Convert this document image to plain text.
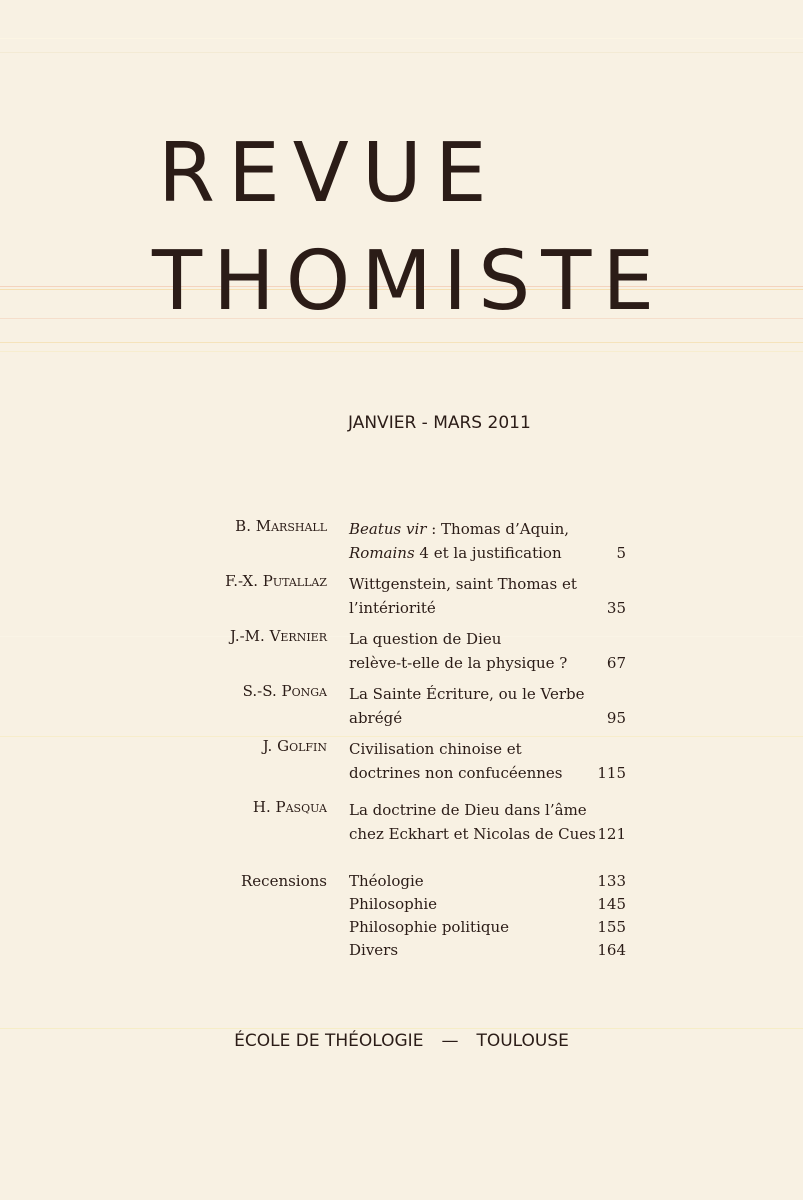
REVUE
THOMISTE
JANVIER - MARS 2011
B. Marshall Beatus vir : Thomas d’Aquin,
Romains 4 et la justification	5
F.-X. Putallaz Wittgenstein, saint Thomas et
l’intériorité	35
J.-M. Vernier La question de Dieu
relève-t-elle de la physique ?	67
S.-S. Ponga La Sainte Écriture, ou le Verbe
abrégé	95
J. Golfin Civilisation chinoise et
doctrines non confucéennes 115
H. Pasqua La doctrine de Dieu dans l’âme
chez Eckhart et Nicolas de Cues 121
Recensions Théologie	133
Philosophie	145
Philosophie politique	155
Divers	164
ÉCOLE DE THÉOLOGIE — TOULOUSE
